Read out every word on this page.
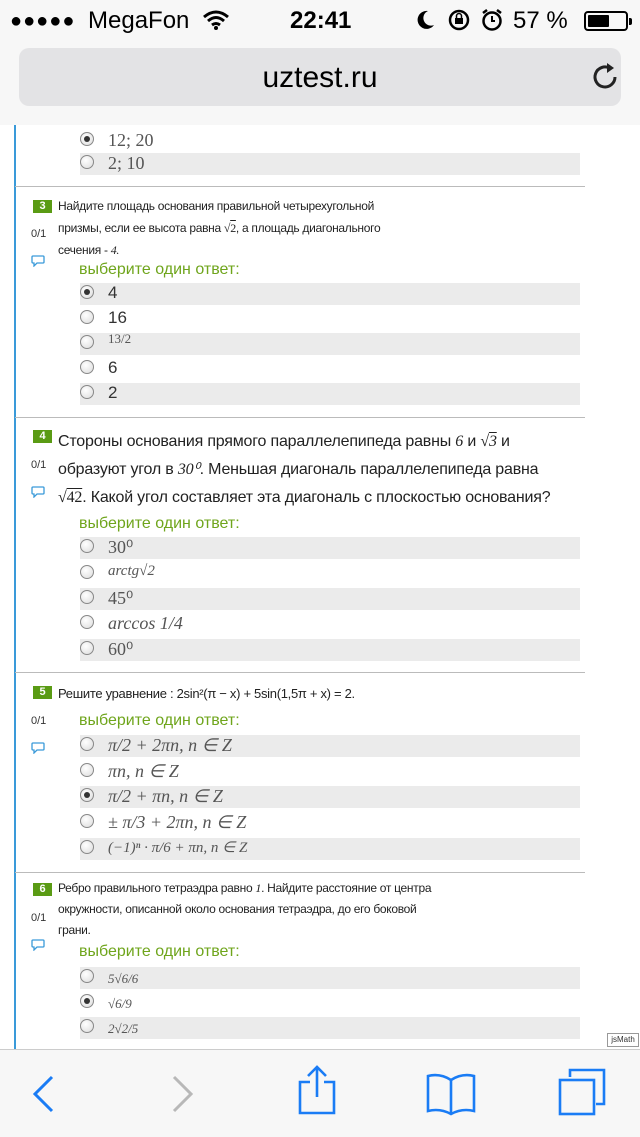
●●●●● MegaFon	22:41	57 %
uztest.ru
12; 20
2; 10
3
0/1
Найдите площадь основания правильной четырехугольной
призмы, если ее высота равна √2, а площадь диагонального
сечения - 4.
выберите один ответ:
4
16
13/2
6
2
4
0/1
Стороны основания прямого параллелепипеда равны 6 и √3 и
образуют угол в 30⁰. Меньшая диагональ параллелепипеда равна
√42. Какой угол составляет эта диагональ с плоскостью основания?
выберите один ответ:
30⁰
arctg√2
45⁰
arccos 1/4
60⁰
5
0/1
Решите уравнение : 2sin²(π − x) + 5sin(1,5π + x) = 2.
выберите один ответ:
π/2 + 2πn, n ∈ Z
πn, n ∈ Z
π/2 + πn, n ∈ Z
± π/3 + 2πn, n ∈ Z
(−1)ⁿ · π/6 + πn, n ∈ Z
6
0/1
Ребро правильного тетраэдра равно 1. Найдите расстояние от центра
окружности, описанной около основания тетраэдра, до его боковой
грани.
выберите один ответ:
5√6/6
√6/9
2√2/5
jsMath
